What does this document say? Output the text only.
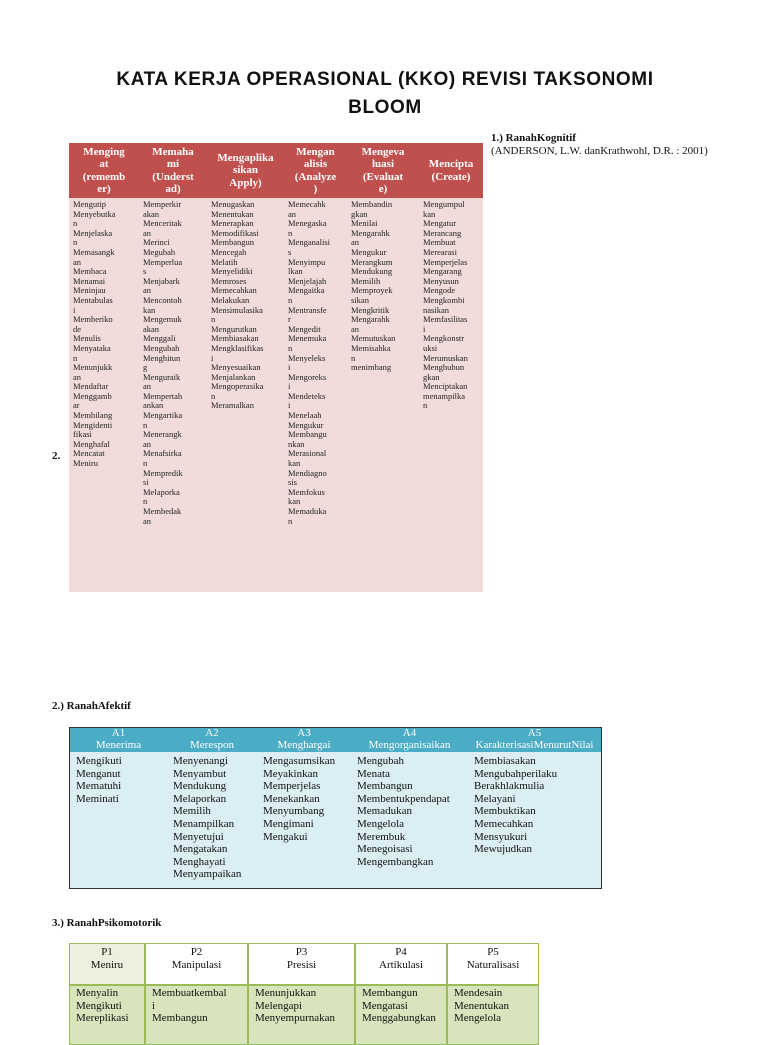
KATA KERJA OPERASIONAL (KKO) REVISI TAKSONOMI
BLOOM
1.) RanahKognitif
(ANDERSON, L.W. danKrathwohl, D.R. : 2001)
2.
Menging
at
(rememb
er)
Memaha
mi
(Underst
ad)
Mengaplika
sikan
Apply)
Mengan
alisis
(Analyze
)
Mengeva
luasi
(Evaluat
e)
Mencipta
(Create)
Mengutip
Menyebutka
n
Menjelaska
n
Memasangk
an
Membaca
Menamai
Meninjau
Mentabulas
i
Memberiko
de
Menulis
Menyataka
n
Menunjukk
an
Mendaftar
Menggamb
ar
Membilang
Mengidenti
fikasi
Menghafal
Mencatat
Meniru
Memperkir
akan
Menceritak
an
Merinci
Megubah
Memperluа
s
Menjabark
an
Mencontoh
kan
Mengemuk
akan
Menggali
Mengubah
Menghitun
g
Menguraik
an
Mempertah
ankan
Mengartika
n
Menerangk
an
Menafsirka
n
Mempredik
si
Melaporka
n
Membedak
an
Menugaskan
Menentukan
Menerapkan
Memodifikasi
Membangun
Mencegah
Melatih
Menyelidiki
Memroses
Memecahkan
Melakukan
Mensimulasika
n
Mengurutkan
Membiasakan
Mengklasifikas
i
Menyesuaikan
Menjalankan
Mengoperasika
n
Meramalkan
Memecahk
an
Menegaska
n
Menganalisi
s
Menyimpu
lkan
Menjelajah
Mengaitka
n
Mentransfe
r
Mengedit
Menemuka
n
Menyeleks
i
Mengoreks
i
Mendeteks
i
Menelaah
Mengukur
Membangu
nkan
Merasional
kan
Mendiagno
sis
Memfokus
kan
Memadukа
n
Membandin
gkan
Menilai
Mengarahk
an
Mengukur
Merangkum
Mendukung
Memilih
Memproyek
sikan
Mengkritik
Mengarahk
an
Memutuskan
Memisahka
n
menimbang
Mengumpul
kan
Mengatur
Merancang
Membuat
Merearasi
Memperjelas
Mengarang
Menyusun
Mengode
Mengkombi
nasikan
Memfasilitas
i
Mengkonstr
uksi
Merumuskan
Menghubun
gkan
Menciptakan
menampilka
n
2.) RanahAfektif
A1
Menerima
A2
Merespon
A3
Menghargai
A4
Mengorganisaikan
A5
KarakterisasiMenurutNilai
Mengikuti
Menganut
Mematuhi
Meminati
Menyenangi
Menyambut
Mendukung
Melaporkan
Memilih
Menampilkan
Menyetujui
Mengatakan
Menghayati
Menyampaikan
Mengasumsikan
Meyakinkan
Memperjelas
Menekankan
Menyumbang
Mengimani
Mengakui
Mengubah
Menata
Membangun
Membentukpendapat
Memadukan
Mengelola
Merembuk
Menegoisasi
Mengembangkan
Membiasakan
Mengubahperilaku
Berakhlakmulia
Melayani
Membuktikan
Memecahkan
Mensyukuri
Mewujudkan
3.) RanahPsikomotorik
P1
Meniru
P2
Manipulasi
P3
Presisi
P4
Artikulasi
P5
Naturalisasi
Menyalin
Mengikuti
Mereplikasi
Membuatkembal
i
Membangun
Menunjukkan
Melengapi
Menyempurnakan
Membangun
Mengatasi
Menggabungkan
Mendesain
Menentukan
Mengelola
